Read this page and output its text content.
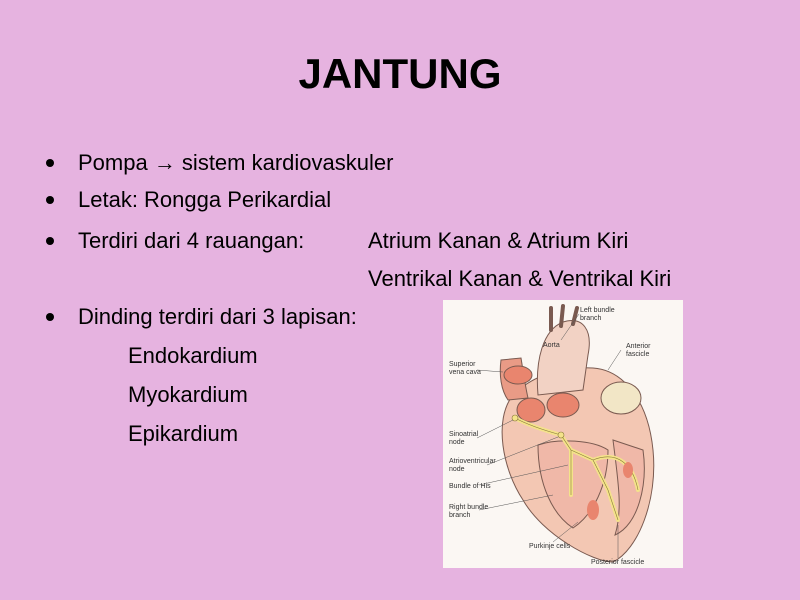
JANTUNG
Pompa → sistem kardiovaskuler
Letak: Rongga Perikardial
Terdiri dari 4 rauangan:	Atrium Kanan & Atrium Kiri
Ventrikal Kanan & Ventrikal Kiri
Dinding terdiri dari 3 lapisan:
Endokardium
Myokardium
Epikardium
Left bundle
branch
Aorta	Anterior
fascicle
Superior
vena cava
Sinoatrial
node
Atrioventricular
node
Bundle of His
Right bundle
branch
Purkinje cells
Posterior fascicle
